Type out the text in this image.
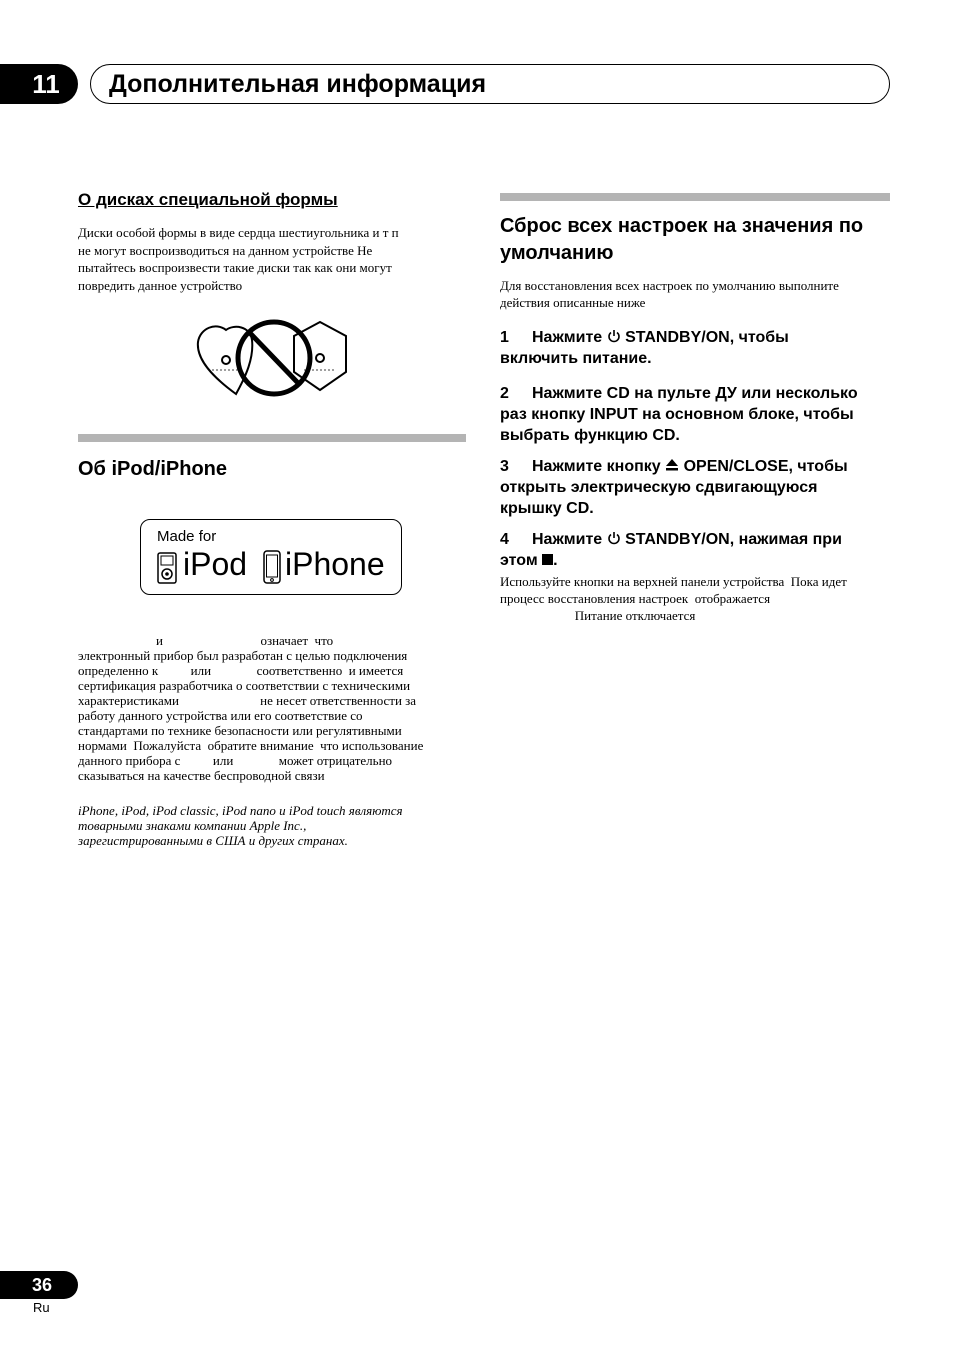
11 Дополнительная информация
О дисках специальной формы

Диски особой формы в виде сердца шестиугольника и т п
не могут воспроизводиться на данном устройстве Не
пытайтесь воспроизвести такие диски так как они могут
повредить данное устройство

Об iPod/iPhone
Made for
iPod iPhone

и                              означает  что
электронный прибор был разработан с целью подключения
определенно к          или              соответственно  и имеется
сертификация разработчика о соответствии с техническими
характеристиками                         не несет ответственности за
работу данного устройства или его соответствие со
стандартами по технике безопасности или регулятивными
нормами  Пожалуйста  обратите внимание  что использование
данного прибора с          или              может отрицательно
сказываться на качестве беспроводной связи

iPhone, iPod, iPod classic, iPod nano и iPod touch являются
товарными знаками компании Apple Inc.,
зарегистрированными в США и других странах.

Сброс всех настроек на значения по
умолчанию

Для восстановления всех настроек по умолчанию выполните
действия описанные ниже

1 Нажмите STANDBY/ON, чтобы
включить питание.

2 Нажмите CD на пульте ДУ или несколько
раз кнопку INPUT на основном блоке, чтобы
выбрать функцию CD.

3 Нажмите кнопку OPEN/CLOSE, чтобы
открыть электрическую сдвигающуюся
крышку CD.

4 Нажмите STANDBY/ON, нажимая при
этом .

Используйте кнопки на верхней панели устройства  Пока идет
процесс восстановления настроек  отображается
Питание отключается

36
Ru
